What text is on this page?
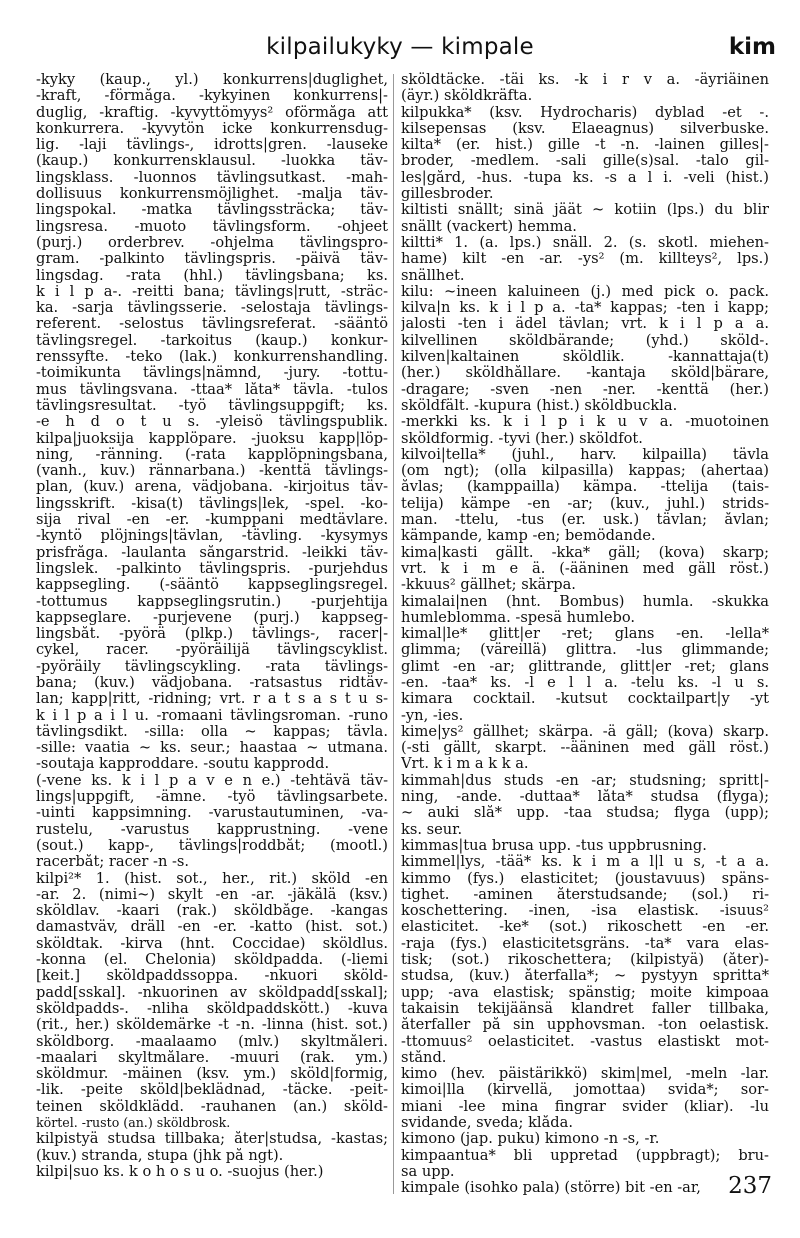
kilpailukyky — kimpale	kim
-kyky (kaup., yl.) konkurrens|duglighet,
-kraft, -förmåga. -kykyinen konkurrens|-
duglig, -kraftig. -kyvyttömyys² oförmåga att
konkurrera. -kyvytön icke konkurrensdug-
lig. -laji tävlings-, idrotts|gren. -lauseke
(kaup.) konkurrensklausul. -luokka täv-
lingsklass. -luonnos tävlingsutkast. -mah-
dollisuus konkurrensmöjlighet. -malja täv-
lingspokal. -matka tävlingssträcka; täv-
lingsresa. -muoto tävlingsform. -ohjeet
(purj.) orderbrev. -ohjelma tävlingspro-
gram. -palkinto tävlingspris. -päivä täv-
lingsdag. -rata (hhl.) tävlingsbana; ks.
k i l p a-. -reitti bana; tävlings|rutt, -sträc-
ka. -sarja tävlingsserie. -selostaja tävlings-
referent. -selostus tävlingsreferat. -sääntö
tävlingsregel. -tarkoitus (kaup.) konkur-
renssyfte. -teko (lak.) konkurrenshandling.
-toimikunta tävlings|nämnd, -jury. -tottu-
mus tävlingsvana. -ttaa* låta* tävla. -tulos
tävlingsresultat. -työ tävlingsuppgift; ks.
-e h d o t u s. -yleisö tävlingspublik.
kilpa|juoksija kapplöpare. -juoksu kapp|löp-
ning, -ränning. (-rata kapplöpningsbana,
(vanh., kuv.) rännarbana.) -kenttä tävlings-
plan, (kuv.) arena, vädjobana. -kirjoitus täv-
lingsskrift. -kisa(t) tävlings|lek, -spel. -ko-
sija rival -en -er. -kumppani medtävlare.
-kyntö plöjnings|tävlan, -tävling. -kysymys
prisfråga. -laulanta sångarstrid. -leikki täv-
lingslek. -palkinto tävlingspris. -purjehdus
kappsegling. (-sääntö kappseglingsregel.
-tottumus kappseglingsrutin.) -purjehtija
kappseglare. -purjevene (purj.) kappseg-
lingsbåt. -pyörä (plkp.) tävlings-, racer|-
cykel, racer. -pyöräilijä tävlingscyklist.
-pyöräily tävlingscykling. -rata tävlings-
bana; (kuv.) vädjobana. -ratsastus ridtäv-
lan; kapp|ritt, -ridning; vrt. r a t s a s t u s-
k i l p a i l u. -romaani tävlingsroman. -runo
tävlingsdikt. -silla: olla ~ kappas; tävla.
-sille: vaatia ~ ks. seur.; haastaa ~ utmana.
-soutaja kapproddare. -soutu kapprodd.
(-vene ks. k i l p a v e n e.) -tehtävä täv-
lings|uppgift, -ämne. -työ tävlingsarbete.
-uinti kappsimning. -varustautuminen, -va-
rustelu, -varustus kapprustning. -vene
(sout.) kapp-, tävlings|roddbåt; (mootl.)
racerbåt; racer -n -s.
kilpi²* 1. (hist. sot., her., rit.) sköld -en
-ar. 2. (nimi~) skylt -en -ar. -jäkälä (ksv.)
sköldlav. -kaari (rak.) sköldbåge. -kangas
damastväv, dräll -en -er. -katto (hist. sot.)
sköldtak. -kirva (hnt. Coccidae) sköldlus.
-konna (el. Chelonia) sköldpadda. (-liemi
[keit.] sköldpaddssoppa. -nkuori sköld-
padd[sskal]. -nkuorinen av sköldpadd[sskal];
sköldpadds-. -nliha sköldpaddskött.) -kuva
(rit., her.) sköldemärke -t -n. -linna (hist. sot.)
sköldborg. -maalaamo (mlv.) skyltmåleri.
-maalari skyltmålare. -muuri (rak. ym.)
sköldmur. -mäinen (ksv. ym.) sköld|formig,
-lik. -peite sköld|beklädnad, -täcke. -peit-
teinen sköldklädd. -rauhanen (an.) sköld-
körtel. -rusto (an.) sköldbrosk.
kilpistyä studsa tillbaka; åter|studsa, -kastas;
(kuv.) stranda, stupa (jhk på ngt).
kilpi|suo ks. k o h o s u o. -suojus (her.)
sköldtäcke. -täi ks. -k i r v a. -äyriäinen
(äyr.) sköldkräfta.
kilpukka* (ksv. Hydrocharis) dyblad -et -.
kilsepensas (ksv. Elaeagnus) silverbuske.
kilta* (er. hist.) gille -t -n. -lainen gilles|-
broder, -medlem. -sali gille(s)sal. -talo gil-
les|gård, -hus. -tupa ks. -s a l i. -veli (hist.)
gillesbroder.
kiltisti snällt; sinä jäät ~ kotiin (lps.) du blir
snällt (vackert) hemma.
kiltti* 1. (a. lps.) snäll. 2. (s. skotl. miehen-
hame) kilt -en -ar. -ys² (m. killteys², lps.)
snällhet.
kilu: ~ineen kaluineen (j.) med pick o. pack.
kilva|n ks. k i l p a. -ta* kappas; -ten i kapp;
jalosti -ten i ädel tävlan; vrt. k i l p a a.
kilvellinen sköldbärande; (yhd.) sköld-.
kilven|kaltainen sköldlik. -kannattaja(t)
(her.) sköldhållare. -kantaja sköld|bärare,
-dragare; -sven -nen -ner. -kenttä (her.)
sköldfält. -kupura (hist.) sköldbuckla.
-merkki ks. k i l p i k u v a. -muotoinen
sköldformig. -tyvi (her.) sköldfot.
kilvoi|tella* (juhl., harv. kilpailla) tävla
(om ngt); (olla kilpasilla) kappas; (ahertaa)
åvlas; (kamppailla) kämpa. -ttelija (tais-
telija) kämpe -en -ar; (kuv., juhl.) strids-
man. -ttelu, -tus (er. usk.) tävlan; åvlan;
kämpande, kamp -en; bemödande.
kima|kasti gällt. -kka* gäll; (kova) skarp;
vrt. k i m e ä. (-ääninen med gäll röst.)
-kkuus² gällhet; skärpa.
kimalai|nen (hnt. Bombus) humla. -skukka
humleblomma. -spesä humlebo.
kimal|le* glitt|er -ret; glans -en. -lella*
glimma; (väreillä) glittra. -lus glimmande;
glimt -en -ar; glittrande, glitt|er -ret; glans
-en. -taa* ks. -l e l l a. -telu ks. -l u s.
kimara cocktail. -kutsut cocktailpart|y -yt
-yn, -ies.
kime|ys² gällhet; skärpa. -ä gäll; (kova) skarp.
(-sti gällt, skarpt. --ääninen med gäll röst.)
Vrt. k i m a k k a.
kimmah|dus studs -en -ar; studsning; spritt|-
ning, -ande. -duttaa* låta* studsa (flyga);
~ auki slå* upp. -taa studsa; flyga (upp);
ks. seur.
kimmas|tua brusa upp. -tus uppbrusning.
kimmel|lys, -tää* ks. k i m a l|l u s, -t a a.
kimmo (fys.) elasticitet; (joustavuus) späns-
tighet. -aminen återstudsande; (sol.) ri-
koschettering. -inen, -isa elastisk. -isuus²
elasticitet. -ke* (sot.) rikoschett -en -er.
-raja (fys.) elasticitetsgräns. -ta* vara elas-
tisk; (sot.) rikoschettera; (kilpistyä) (åter)-
studsa, (kuv.) återfalla*; ~ pystyyn spritta*
upp; -ava elastisk; spänstig; moite kimpoaa
takaisin tekijäänsä klandret faller tillbaka,
återfaller på sin upphovsman. -ton oelastisk.
-ttomuus² oelasticitet. -vastus elastiskt mot-
stånd.
kimo (hev. päistärikkö) skim|mel, -meln -lar.
kimoi|lla (kirvellä, jomottaa) svida*; sor-
miani -lee mina fingrar svider (kliar). -lu
svidande, sveda; klåda.
kimono (jap. puku) kimono -n -s, -r.
kimpaantua* bli uppretad (uppbragt); bru-
sa upp.
kimpale (isohko pala) (större) bit -en -ar,	237
